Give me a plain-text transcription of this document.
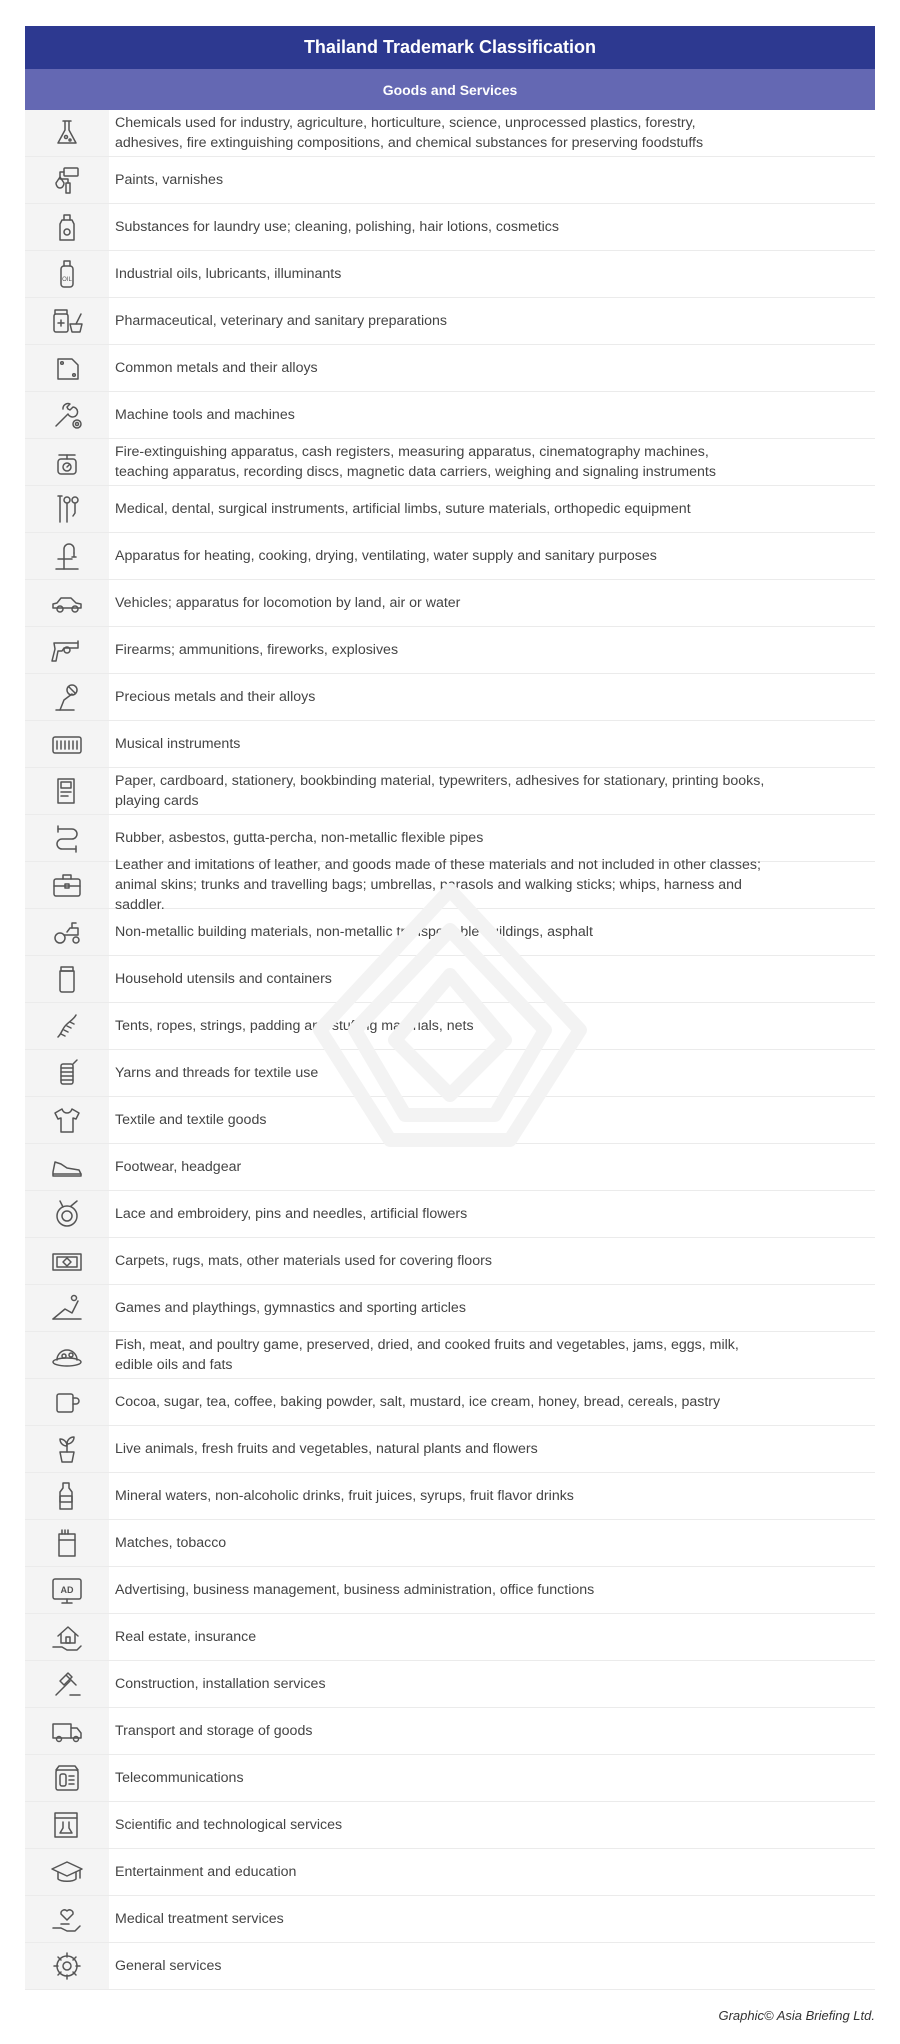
Thailand Trademark Classification
Goods and Services
Chemicals used for industry, agriculture, horticulture, science, unprocessed plastics, forestry, adhesives, fire extinguishing compositions, and chemical substances for preserving foodstuffs
Paints, varnishes
Substances for laundry use; cleaning, polishing, hair lotions, cosmetics
OIL	Industrial oils, lubricants, illuminants
Pharmaceutical, veterinary and sanitary preparations
Common metals and their alloys
Machine tools and machines
Fire-extinguishing apparatus, cash registers, measuring apparatus, cinematography machines, teaching apparatus, recording discs, magnetic data carriers, weighing and signaling instruments
Medical, dental, surgical instruments, artificial limbs, suture materials, orthopedic equipment
Apparatus for heating, cooking, drying, ventilating, water supply and sanitary purposes
Vehicles; apparatus for locomotion by land, air or water
Firearms; ammunitions, fireworks, explosives
Precious metals and their alloys
Musical instruments
Paper, cardboard, stationery, bookbinding material, typewriters, adhesives for stationary, printing books, playing cards
Rubber, asbestos, gutta-percha, non-metallic flexible pipes
Leather and imitations of leather, and goods made of these materials and not included in other classes; animal skins; trunks and travelling bags; umbrellas, parasols and walking sticks; whips, harness and saddler.
Non-metallic building materials, non-metallic transportable buildings, asphalt
Household utensils and containers
Tents, ropes, strings, padding and stuffing materials, nets
Yarns and threads for textile use
Textile and textile goods
Footwear, headgear
Lace and embroidery, pins and needles, artificial flowers
Carpets, rugs, mats, other materials used for covering floors
Games and playthings, gymnastics and sporting articles
Fish, meat, and poultry game, preserved, dried, and cooked fruits and vegetables, jams, eggs, milk, edible oils and fats
Cocoa, sugar, tea, coffee, baking powder, salt, mustard, ice cream, honey, bread, cereals, pastry
Live animals, fresh fruits and vegetables, natural plants and flowers
Mineral waters, non-alcoholic drinks, fruit juices, syrups, fruit flavor drinks
Matches, tobacco
AD	Advertising, business management, business administration, office functions
Real estate, insurance
Construction, installation services
Transport and storage of goods
Telecommunications
Scientific and technological services
Entertainment and education
Medical treatment services
General services
Graphic© Asia Briefing Ltd.
